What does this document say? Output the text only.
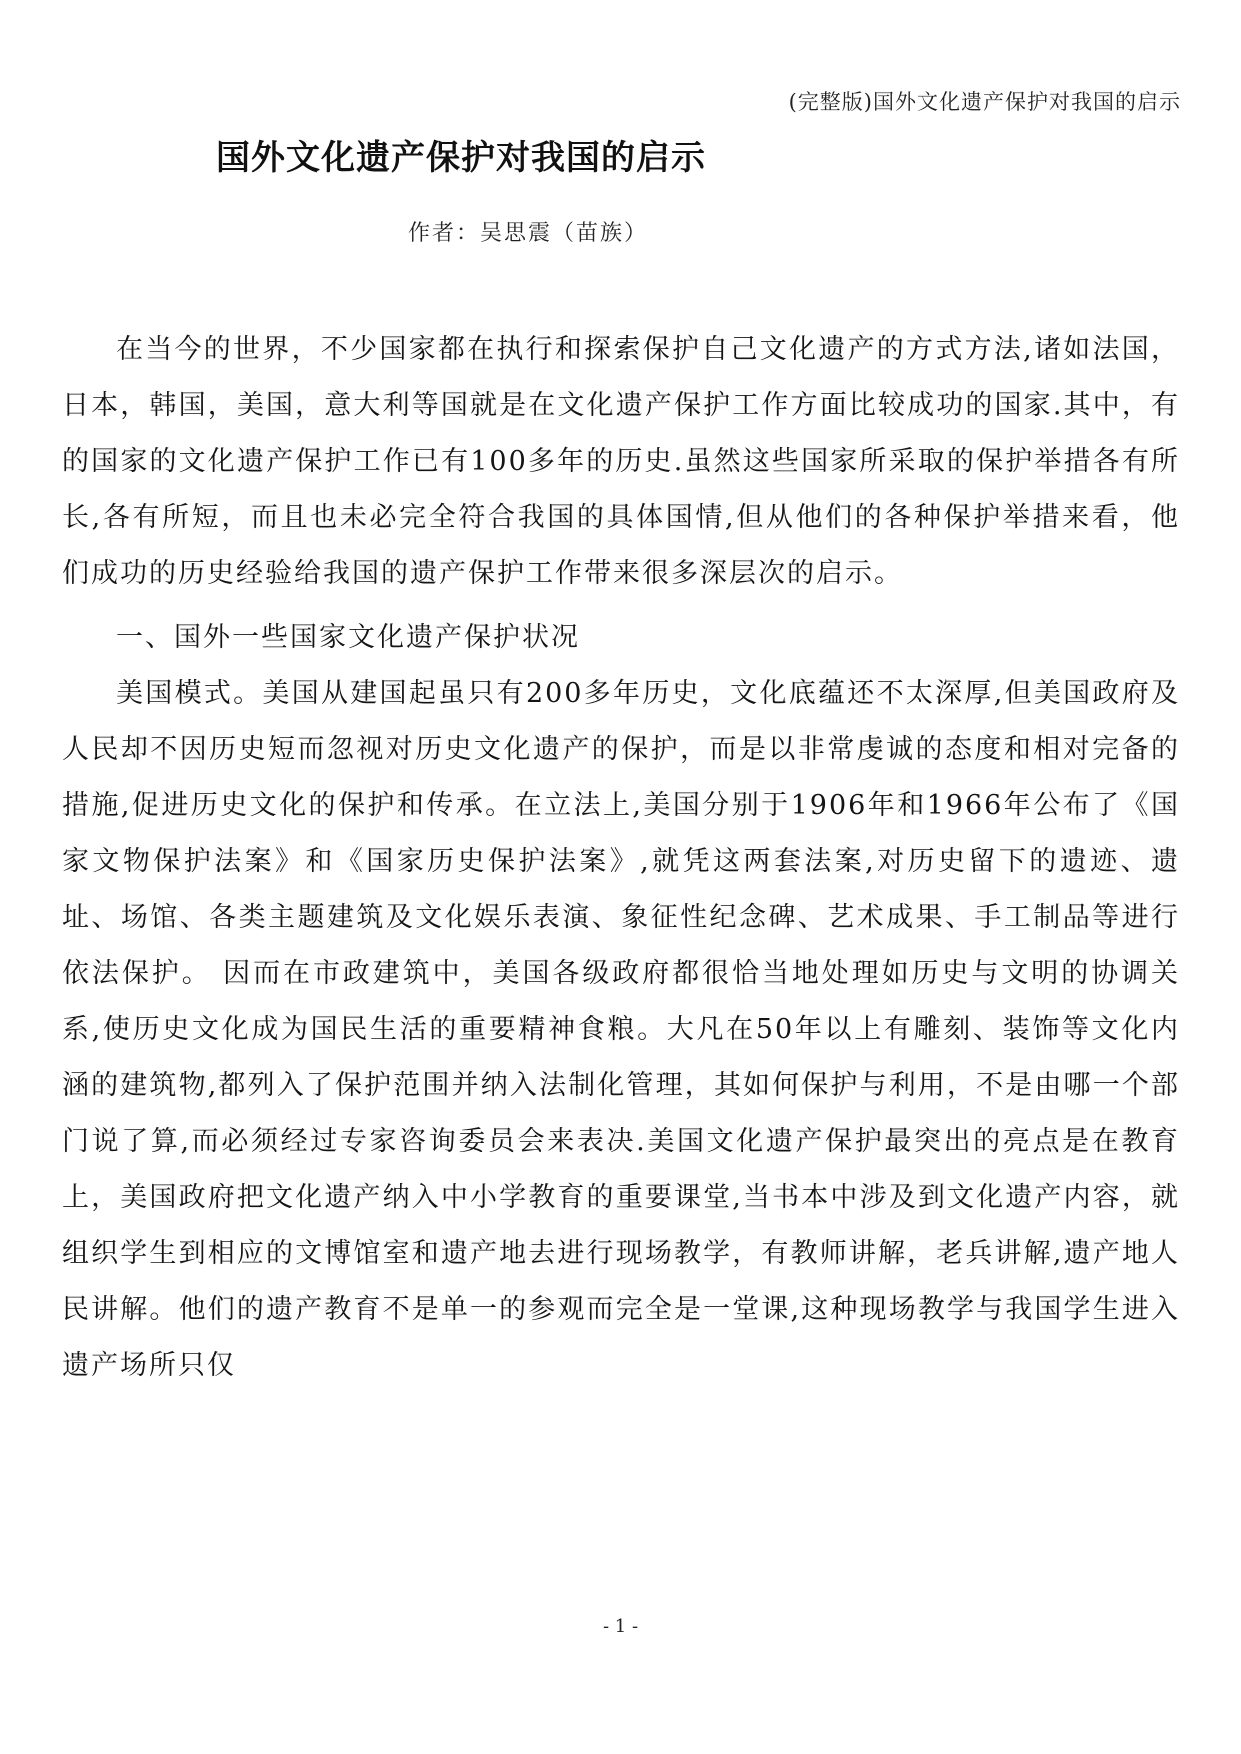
(完整版)国外文化遗产保护对我国的启示
国外文化遗产保护对我国的启示
作者：吴思震（苗族）

在当今的世界，不少国家都在执行和探索保护自己文化遗产的方式方法,诸如法国，日本，韩国，美国，意大利等国就是在文化遗产保护工作方面比较成功的国家.其中，有的国家的文化遗产保护工作已有100多年的历史.虽然这些国家所采取的保护举措各有所长,各有所短，而且也未必完全符合我国的具体国情,但从他们的各种保护举措来看，他们成功的历史经验给我国的遗产保护工作带来很多深层次的启示。

一、国外一些国家文化遗产保护状况

美国模式。美国从建国起虽只有200多年历史，文化底蕴还不太深厚,但美国政府及人民却不因历史短而忽视对历史文化遗产的保护，而是以非常虔诚的态度和相对完备的措施,促进历史文化的保护和传承。在立法上,美国分别于1906年和1966年公布了《国家文物保护法案》和《国家历史保护法案》,就凭这两套法案,对历史留下的遗迹、遗址、场馆、各类主题建筑及文化娱乐表演、象征性纪念碑、艺术成果、手工制品等进行依法保护。 因而在市政建筑中，美国各级政府都很恰当地处理如历史与文明的协调关系,使历史文化成为国民生活的重要精神食粮。大凡在50年以上有雕刻、装饰等文化内涵的建筑物,都列入了保护范围并纳入法制化管理，其如何保护与利用，不是由哪一个部门说了算,而必须经过专家咨询委员会来表决.美国文化遗产保护最突出的亮点是在教育上，美国政府把文化遗产纳入中小学教育的重要课堂,当书本中涉及到文化遗产内容，就组织学生到相应的文博馆室和遗产地去进行现场教学，有教师讲解，老兵讲解,遗产地人民讲解。他们的遗产教育不是单一的参观而完全是一堂课,这种现场教学与我国学生进入遗产场所只仅

- 1 -
